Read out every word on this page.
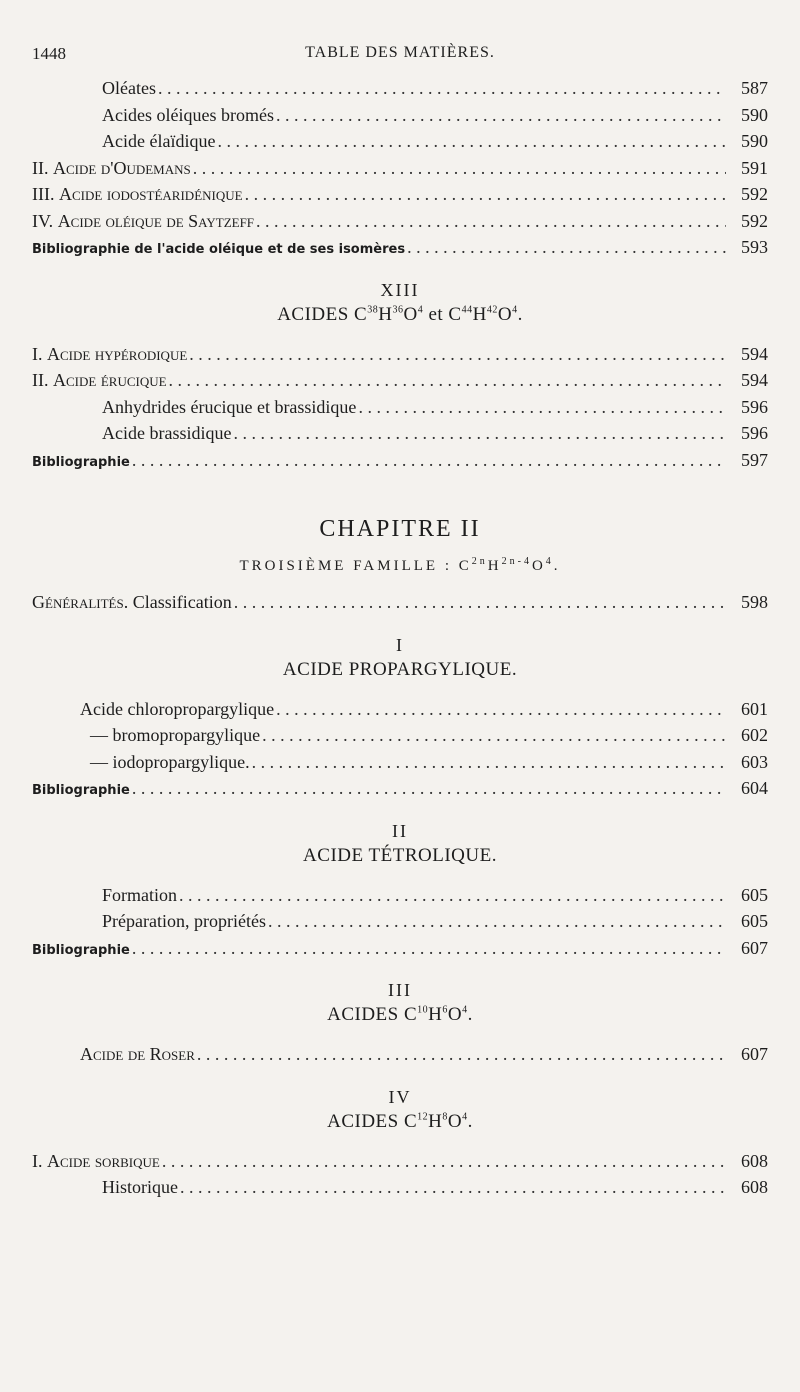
1448	TABLE DES MATIÈRES.
Oléates . . .	587
Acides oléiques bromés . . .	590
Acide élaïdique . . .	590
II. Acide d'Oudemans . . .	591
III. Acide iodostéaridénique . . .	592
IV. Acide oléique de Saytzeff . . .	592
Bibliographie de l'acide oléique et de ses isomères . . .	593
XIII
ACIDES $C^{38}H^{36}O^4$ et $C^{44}H^{42}O^4$.
I. Acide hypérodique . . .	594
II. Acide érucique . . .	594
Anhydrides érucique et brassidique . . .	596
Acide brassidique . . .	596
Bibliographie . . .	597
CHAPITRE II
TROISIÈME FAMILLE : $C^{2n}H^{2n-4}O^4$.
Généralités. Classification . . .	598
I
ACIDE PROPARGYLIQUE.
Acide chloropropargylique . . .	601
— bromopropargylique . . .	602
— iodopropargylique. . . .	603
Bibliographie . . .	604
II
ACIDE TÉTROLIQUE.
Formation . . .	605
Préparation, propriétés . . .	605
Bibliographie . . .	607
III
ACIDES $C^{10}H^6O^4$.
Acide de Roser . . .	607
IV
ACIDES $C^{12}H^8O^4$.
I. Acide sorbique . . .	608
Historique . . .	608
